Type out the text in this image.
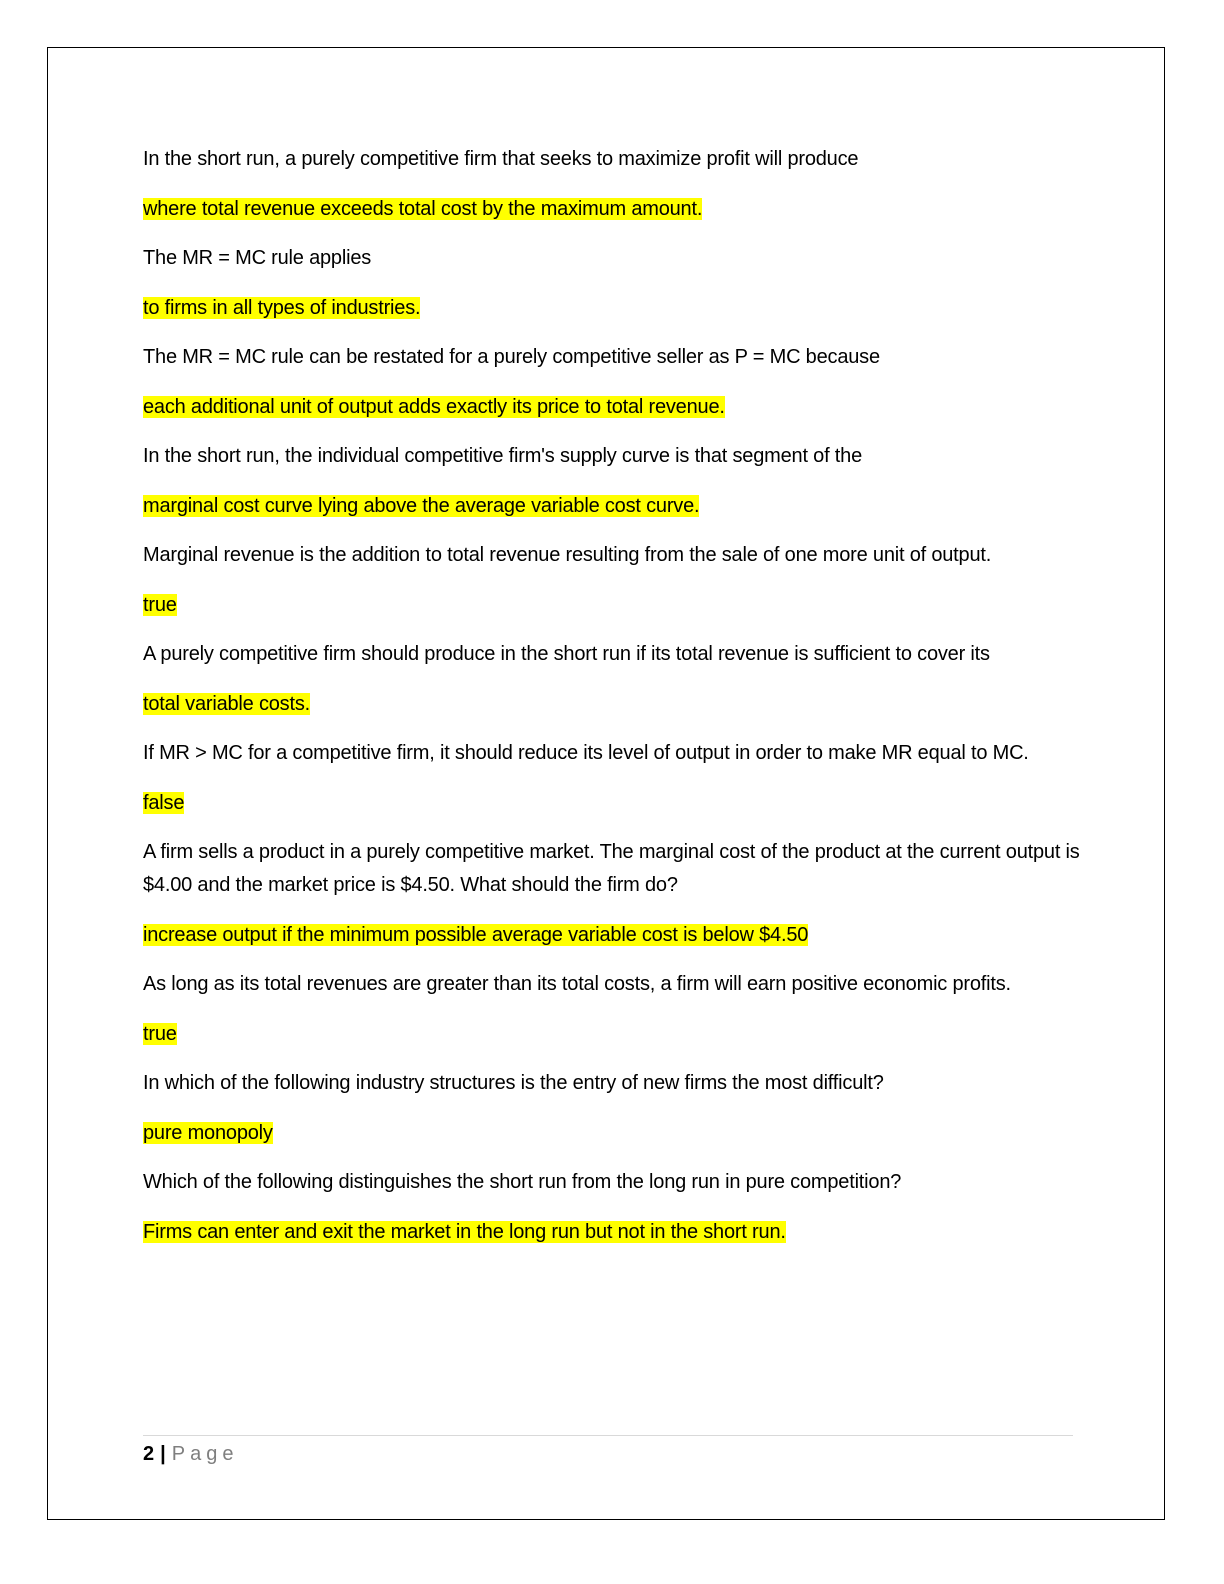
In the short run, a purely competitive firm that seeks to maximize profit will produce

where total revenue exceeds total cost by the maximum amount.

The MR = MC rule applies

to firms in all types of industries.

The MR = MC rule can be restated for a purely competitive seller as P = MC because

each additional unit of output adds exactly its price to total revenue.

In the short run, the individual competitive firm's supply curve is that segment of the

marginal cost curve lying above the average variable cost curve.

Marginal revenue is the addition to total revenue resulting from the sale of one more unit of output.

true

A purely competitive firm should produce in the short run if its total revenue is sufficient to cover its

total variable costs.

If MR > MC for a competitive firm, it should reduce its level of output in order to make MR equal to MC.

false

A firm sells a product in a purely competitive market. The marginal cost of the product at the current output is $4.00 and the market price is $4.50. What should the firm do?

increase output if the minimum possible average variable cost is below $4.50

As long as its total revenues are greater than its total costs, a firm will earn positive economic profits.

true

In which of the following industry structures is the entry of new firms the most difficult?

pure monopoly

Which of the following distinguishes the short run from the long run in pure competition?

Firms can enter and exit the market in the long run but not in the short run.

2 | Page
